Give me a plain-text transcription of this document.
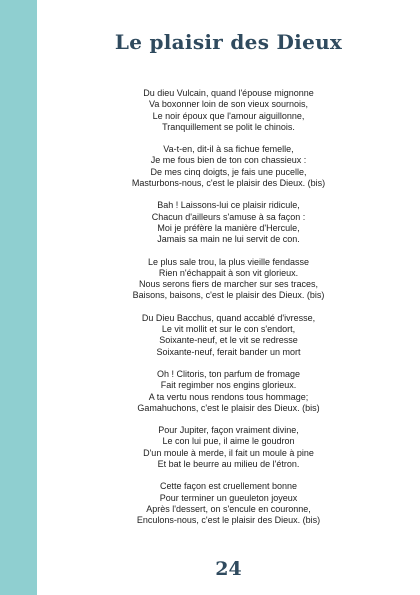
Le plaisir des Dieux
Du dieu Vulcain, quand l'épouse mignonne
Va boxonner loin de son vieux sournois,
Le noir époux que l'amour aiguillonne,
Tranquillement se polit le chinois.
Va-t-en, dit-il à sa fichue femelle,
Je me fous bien de ton con chassieux :
De mes cinq doigts, je fais une pucelle,
Masturbons-nous, c'est le plaisir des Dieux. (bis)
Bah ! Laissons-lui ce plaisir ridicule,
Chacun d'ailleurs s'amuse à sa façon :
Moi je préfère la manière d'Hercule,
Jamais sa main ne lui servit de con.
Le plus sale trou, la plus vieille fendasse
Rien n'échappait à son vit glorieux.
Nous serons fiers de marcher sur ses traces,
Baisons, baisons, c'est le plaisir des Dieux. (bis)
Du Dieu Bacchus, quand accablé d'ivresse,
Le vit mollit et sur le con s'endort,
Soixante-neuf, et le vit se redresse
Soixante-neuf, ferait bander un mort
Oh ! Clitoris, ton parfum de fromage
Fait regimber nos engins glorieux.
A ta vertu nous rendons tous hommage;
Gamahuchons, c'est le plaisir des Dieux. (bis)
Pour Jupiter, façon vraiment divine,
Le con lui pue, il aime le goudron
D'un moule à merde, il fait un moule à pine
Et bat le beurre au milieu de l'étron.
Cette façon est cruellement bonne
Pour terminer un gueuleton joyeux
Après l'dessert, on s'encule en couronne,
Enculons-nous, c'est le plaisir des Dieux. (bis)
24
